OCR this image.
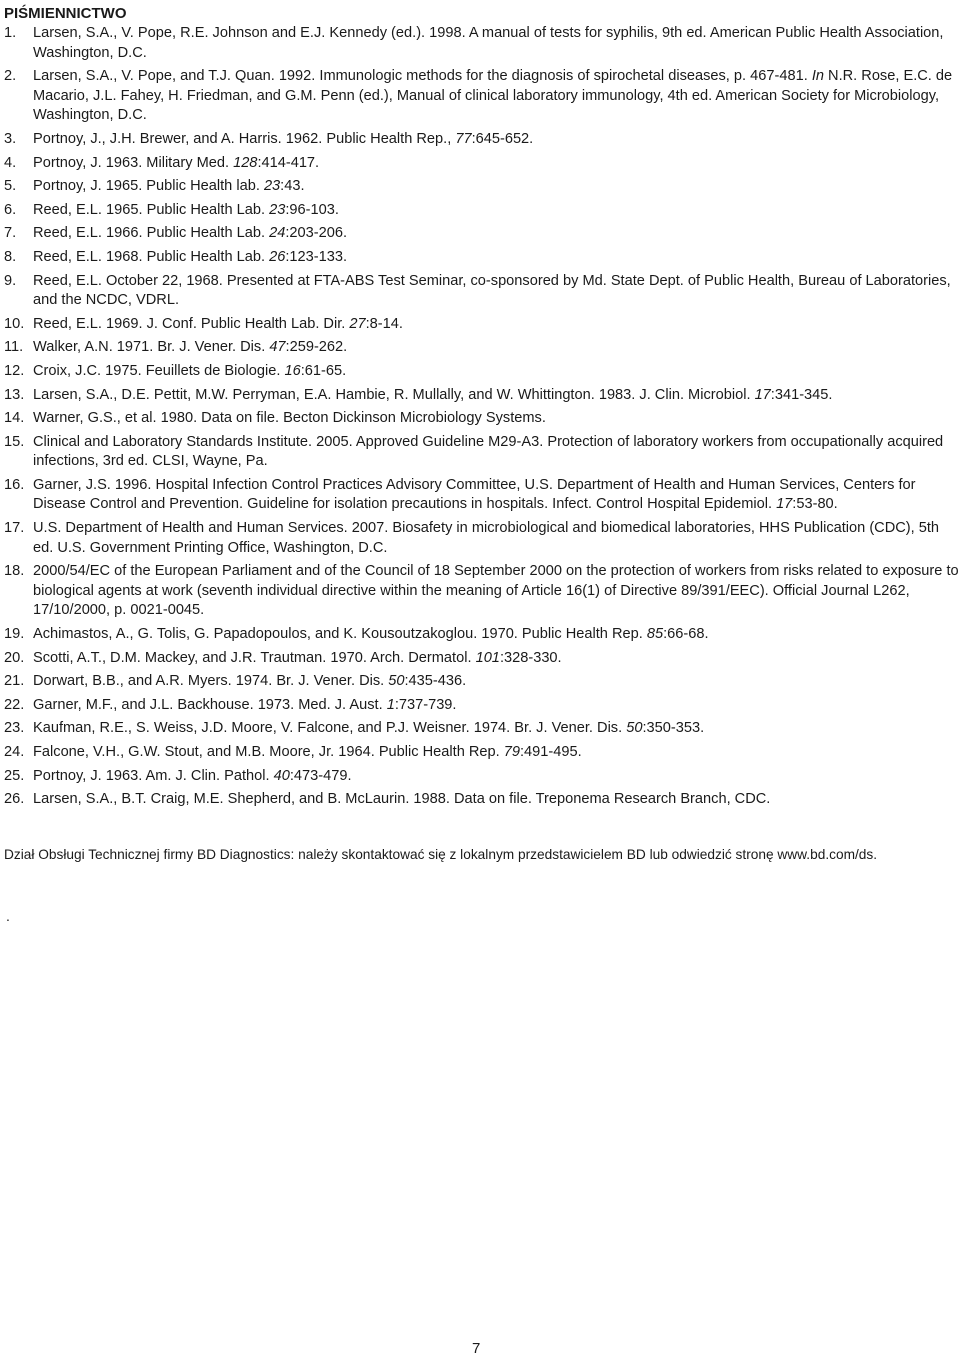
PIŚMIENNICTWO
1.	Larsen, S.A., V. Pope, R.E. Johnson and E.J. Kennedy (ed.). 1998. A manual of tests for syphilis, 9th ed. American Public Health Association, Washington, D.C.
2.	Larsen, S.A., V. Pope, and T.J. Quan. 1992. Immunologic methods for the diagnosis of spirochetal diseases, p. 467-481. In N.R. Rose, E.C. de Macario, J.L. Fahey, H. Friedman, and G.M. Penn (ed.), Manual of clinical laboratory immunology, 4th ed. American Society for Microbiology, Washington, D.C.
3.	Portnoy, J., J.H. Brewer, and A. Harris. 1962. Public Health Rep., 77:645-652.
4.	Portnoy, J. 1963. Military Med. 128:414-417.
5.	Portnoy, J. 1965. Public Health lab. 23:43.
6.	Reed, E.L. 1965. Public Health Lab. 23:96-103.
7.	Reed, E.L. 1966. Public Health Lab. 24:203-206.
8.	Reed, E.L. 1968. Public Health Lab. 26:123-133.
9.	Reed, E.L. October 22, 1968. Presented at FTA-ABS Test Seminar, co-sponsored by Md. State Dept. of Public Health, Bureau of Laboratories, and the NCDC, VDRL.
10. Reed, E.L. 1969. J. Conf. Public Health Lab. Dir. 27:8-14.
11. Walker, A.N. 1971. Br. J. Vener. Dis. 47:259-262.
12. Croix, J.C. 1975. Feuillets de Biologie. 16:61-65.
13. Larsen, S.A., D.E. Pettit, M.W. Perryman, E.A. Hambie, R. Mullally, and W. Whittington. 1983. J. Clin. Microbiol. 17:341-345.
14. Warner, G.S., et al. 1980. Data on file. Becton Dickinson Microbiology Systems.
15. Clinical and Laboratory Standards Institute. 2005. Approved Guideline M29-A3. Protection of laboratory workers from occupationally acquired infections, 3rd ed. CLSI, Wayne, Pa.
16. Garner, J.S. 1996. Hospital Infection Control Practices Advisory Committee, U.S. Department of Health and Human Services, Centers for Disease Control and Prevention. Guideline for isolation precautions in hospitals. Infect. Control Hospital Epidemiol. 17:53-80.
17. U.S. Department of Health and Human Services. 2007. Biosafety in microbiological and biomedical laboratories, HHS Publication (CDC), 5th ed. U.S. Government Printing Office, Washington, D.C.
18. 2000/54/EC of the European Parliament and of the Council of 18 September 2000 on the protection of workers from risks related to exposure to biological agents at work (seventh individual directive within the meaning of Article 16(1) of Directive 89/391/EEC). Official Journal L262, 17/10/2000, p. 0021-0045.
19. Achimastos, A., G. Tolis, G. Papadopoulos, and K. Kousoutzakoglou. 1970. Public Health Rep. 85:66-68.
20. Scotti, A.T., D.M. Mackey, and J.R. Trautman. 1970. Arch. Dermatol. 101:328-330.
21. Dorwart, B.B., and A.R. Myers. 1974. Br. J. Vener. Dis. 50:435-436.
22. Garner, M.F., and J.L. Backhouse. 1973. Med. J. Aust. 1:737-739.
23. Kaufman, R.E., S. Weiss, J.D. Moore, V. Falcone, and P.J. Weisner. 1974. Br. J. Vener. Dis. 50:350-353.
24. Falcone, V.H., G.W. Stout, and M.B. Moore, Jr. 1964. Public Health Rep. 79:491-495.
25. Portnoy, J. 1963. Am. J. Clin. Pathol. 40:473-479.
26. Larsen, S.A., B.T. Craig, M.E. Shepherd, and B. McLaurin. 1988. Data on file. Treponema Research Branch, CDC.
Dział Obsługi Technicznej firmy BD Diagnostics: należy skontaktować się z lokalnym przedstawicielem BD lub odwiedzić stronę www.bd.com/ds.
.
7
